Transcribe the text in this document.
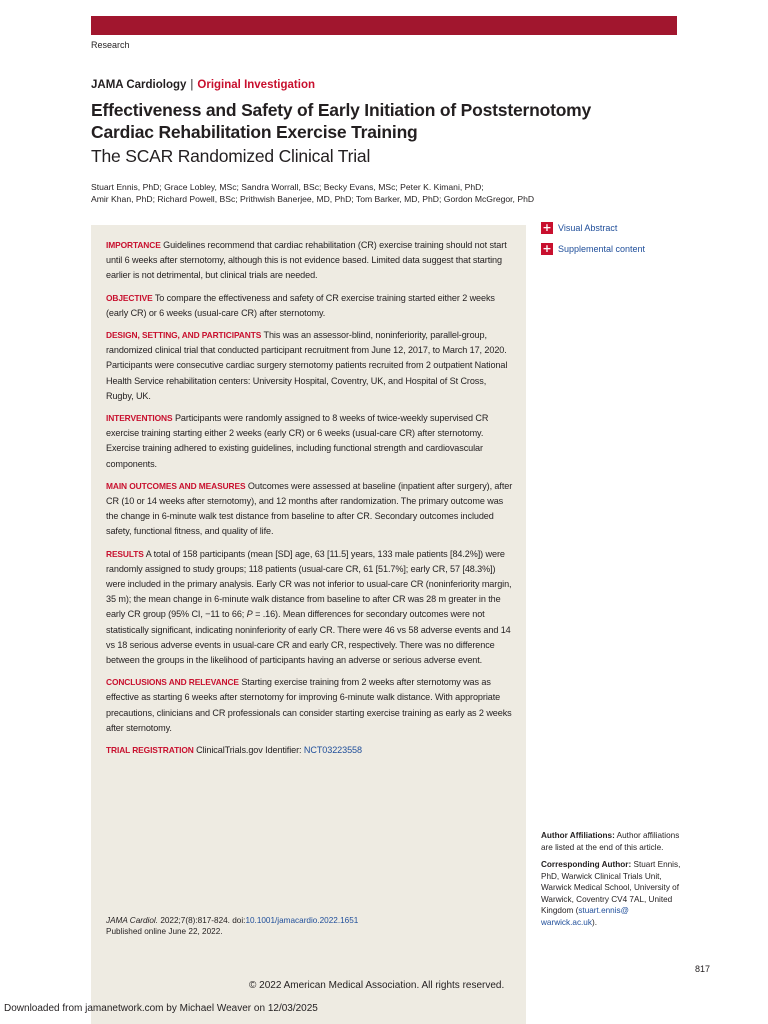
Research
JAMA Cardiology | Original Investigation
Effectiveness and Safety of Early Initiation of Poststernotomy Cardiac Rehabilitation Exercise Training
The SCAR Randomized Clinical Trial
Stuart Ennis, PhD; Grace Lobley, MSc; Sandra Worrall, BSc; Becky Evans, MSc; Peter K. Kimani, PhD;
Amir Khan, PhD; Richard Powell, BSc; Prithwish Banerjee, MD, PhD; Tom Barker, MD, PhD; Gordon McGregor, PhD

IMPORTANCE Guidelines recommend that cardiac rehabilitation (CR) exercise training should not start until 6 weeks after sternotomy, although this is not evidence based. Limited data suggest that starting earlier is not detrimental, but clinical trials are needed.

OBJECTIVE To compare the effectiveness and safety of CR exercise training started either 2 weeks (early CR) or 6 weeks (usual-care CR) after sternotomy.

DESIGN, SETTING, AND PARTICIPANTS This was an assessor-blind, noninferiority, parallel-group, randomized clinical trial that conducted participant recruitment from June 12, 2017, to March 17, 2020. Participants were consecutive cardiac surgery sternotomy patients recruited from 2 outpatient National Health Service rehabilitation centers: University Hospital, Coventry, UK, and Hospital of St Cross, Rugby, UK.

INTERVENTIONS Participants were randomly assigned to 8 weeks of twice-weekly supervised CR exercise training starting either 2 weeks (early CR) or 6 weeks (usual-care CR) after sternotomy. Exercise training adhered to existing guidelines, including functional strength and cardiovascular components.

MAIN OUTCOMES AND MEASURES Outcomes were assessed at baseline (inpatient after surgery), after CR (10 or 14 weeks after sternotomy), and 12 months after randomization. The primary outcome was the change in 6-minute walk test distance from baseline to after CR. Secondary outcomes included safety, functional fitness, and quality of life.

RESULTS A total of 158 participants (mean [SD] age, 63 [11.5] years, 133 male patients [84.2%]) were randomly assigned to study groups; 118 patients (usual-care CR, 61 [51.7%]; early CR, 57 [48.3%]) were included in the primary analysis. Early CR was not inferior to usual-care CR (noninferiority margin, 35 m); the mean change in 6-minute walk distance from baseline to after CR was 28 m greater in the early CR group (95% CI, −11 to 66; P = .16). Mean differences for secondary outcomes were not statistically significant, indicating noninferiority of early CR. There were 46 vs 58 adverse events and 14 vs 18 serious adverse events in usual-care CR and early CR, respectively. There was no difference between the groups in the likelihood of participants having an adverse or serious adverse event.

CONCLUSIONS AND RELEVANCE Starting exercise training from 2 weeks after sternotomy was as effective as starting 6 weeks after sternotomy for improving 6-minute walk distance. With appropriate precautions, clinicians and CR professionals can consider starting exercise training as early as 2 weeks after sternotomy.

TRIAL REGISTRATION ClinicalTrials.gov Identifier: NCT03223558

JAMA Cardiol. 2022;7(8):817-824. doi:10.1001/jamacardio.2022.1651
Published online June 22, 2022.
+ Visual Abstract
+ Supplemental content

Author Affiliations: Author affiliations are listed at the end of this article.

Corresponding Author: Stuart Ennis, PhD, Warwick Clinical Trials Unit, Warwick Medical School, University of Warwick, Coventry CV4 7AL, United Kingdom (stuart.ennis@ warwick.ac.uk).

817
© 2022 American Medical Association. All rights reserved.
Downloaded from jamanetwork.com by Michael Weaver on 12/03/2025
